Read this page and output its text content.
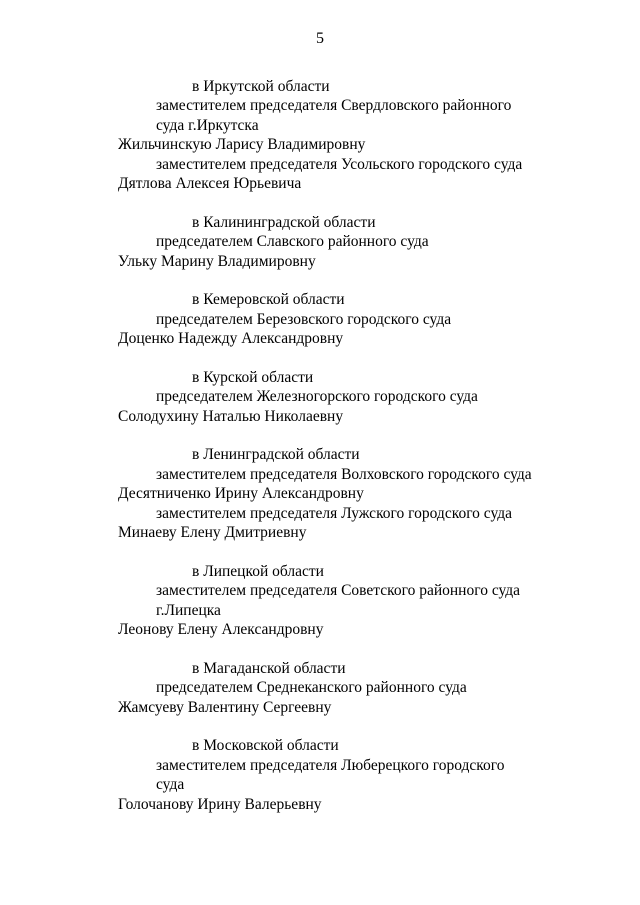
5
в Иркутской области
заместителем председателя Свердловского районного
суда г.Иркутска
Жильчинскую Ларису Владимировну
заместителем председателя Усольского городского суда
Дятлова Алексея Юрьевича
в Калининградской области
председателем Славского районного суда
Ульку Марину Владимировну
в Кемеровской области
председателем Березовского городского суда
Доценко Надежду Александровну
в Курской области
председателем Железногорского городского суда
Солодухину Наталью Николаевну
в Ленинградской области
заместителем председателя Волховского городского суда
Десятниченко Ирину Александровну
заместителем председателя Лужского городского суда
Минаеву Елену Дмитриевну
в Липецкой области
заместителем председателя Советского районного суда
г.Липецка
Леонову Елену Александровну
в Магаданской области
председателем Среднеканского районного суда
Жамсуеву Валентину Сергеевну
в Московской области
заместителем председателя Люберецкого городского
суда
Голочанову Ирину Валерьевну
